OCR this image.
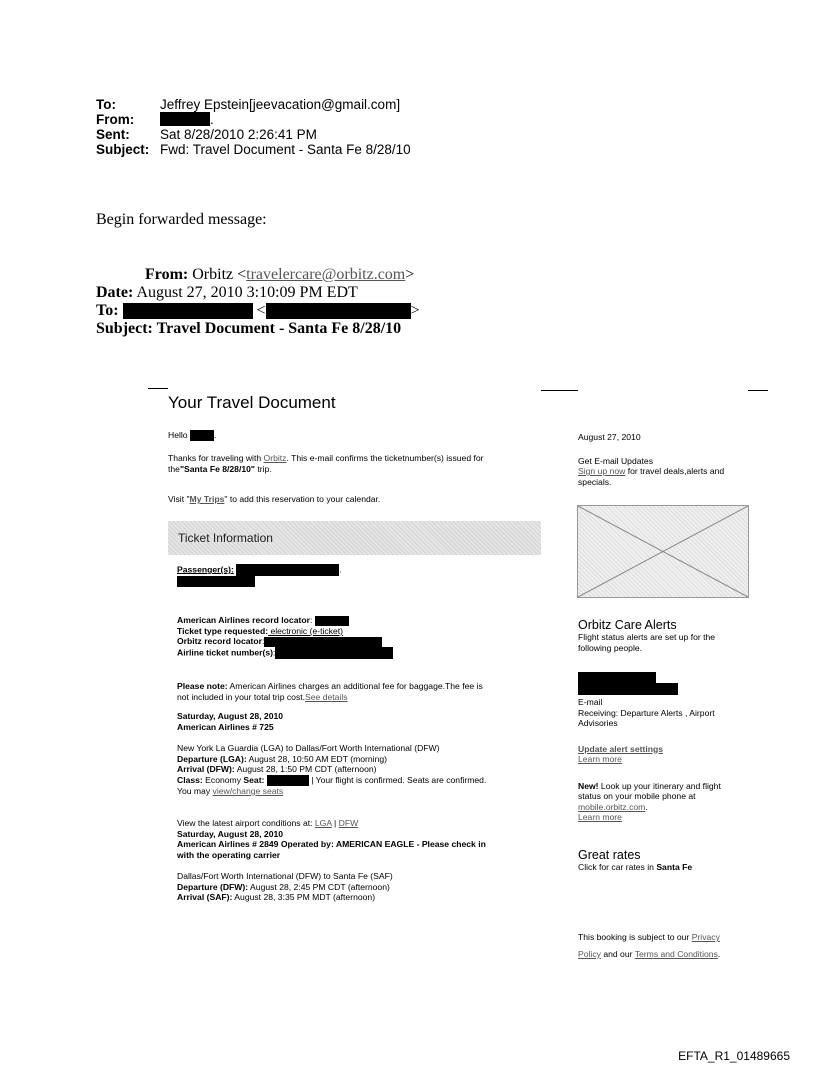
To:	Jeffrey Epstein[jeevacation@gmail.com]
From:	.
Sent:	Sat 8/28/2010 2:26:41 PM
Subject: Fwd: Travel Document - Santa Fe 8/28/10
Begin forwarded message:
From: Orbitz <travelercare@orbitz.com>
Date: August 27, 2010 3:10:09 PM EDT
To:	<	>
Subject: Travel Document - Santa Fe 8/28/10
Your Travel Document
Hello	.
Thanks for traveling with Orbitz. This e-mail confirms the ticketnumber(s) issued for
the"Santa Fe 8/28/10" trip.
Visit "My Trips" to add this reservation to your calendar.
Ticket Information
Passenger(s):	.
American Airlines record locator:
Ticket type requested: electronic (e-ticket)
Orbitz record locator:
Airline ticket number(s):
Please note: American Airlines charges an additional fee for baggage.The fee is
not included in your total trip cost.See details
Saturday, August 28, 2010
American Airlines # 725
New York La Guardia (LGA) to Dallas/Fort Worth International (DFW)
Departure (LGA): August 28, 10:50 AM EDT (morning)
Arrival (DFW): August 28, 1:50 PM CDT (afternoon)
Class: Economy Seat:	| Your flight is confirmed. Seats are confirmed.
You may view/change seats
View the latest airport conditions at: LGA | DFW
Saturday, August 28, 2010
American Airlines # 2849 Operated by: AMERICAN EAGLE - Please check in
with the operating carrier
Dallas/Fort Worth International (DFW) to Santa Fe (SAF)
Departure (DFW): August 28, 2:45 PM CDT (afternoon)
Arrival (SAF): August 28, 3:35 PM MDT (afternoon)
August 27, 2010
Get E-mail Updates
Sign up now for travel deals,alerts and
specials.
Orbitz Care Alerts
Flight status alerts are set up for the
following people.
E-mail
Receiving: Departure Alerts , Airport
Advisories
Update alert settings
Learn more
New! Look up your itinerary and flight
status on your mobile phone at
mobile.orbitz.com.
Learn more
Great rates
Click for car rates in Santa Fe
This booking is subject to our Privacy
Policy and our Terms and Conditions.
EFTA_R1_01489665
